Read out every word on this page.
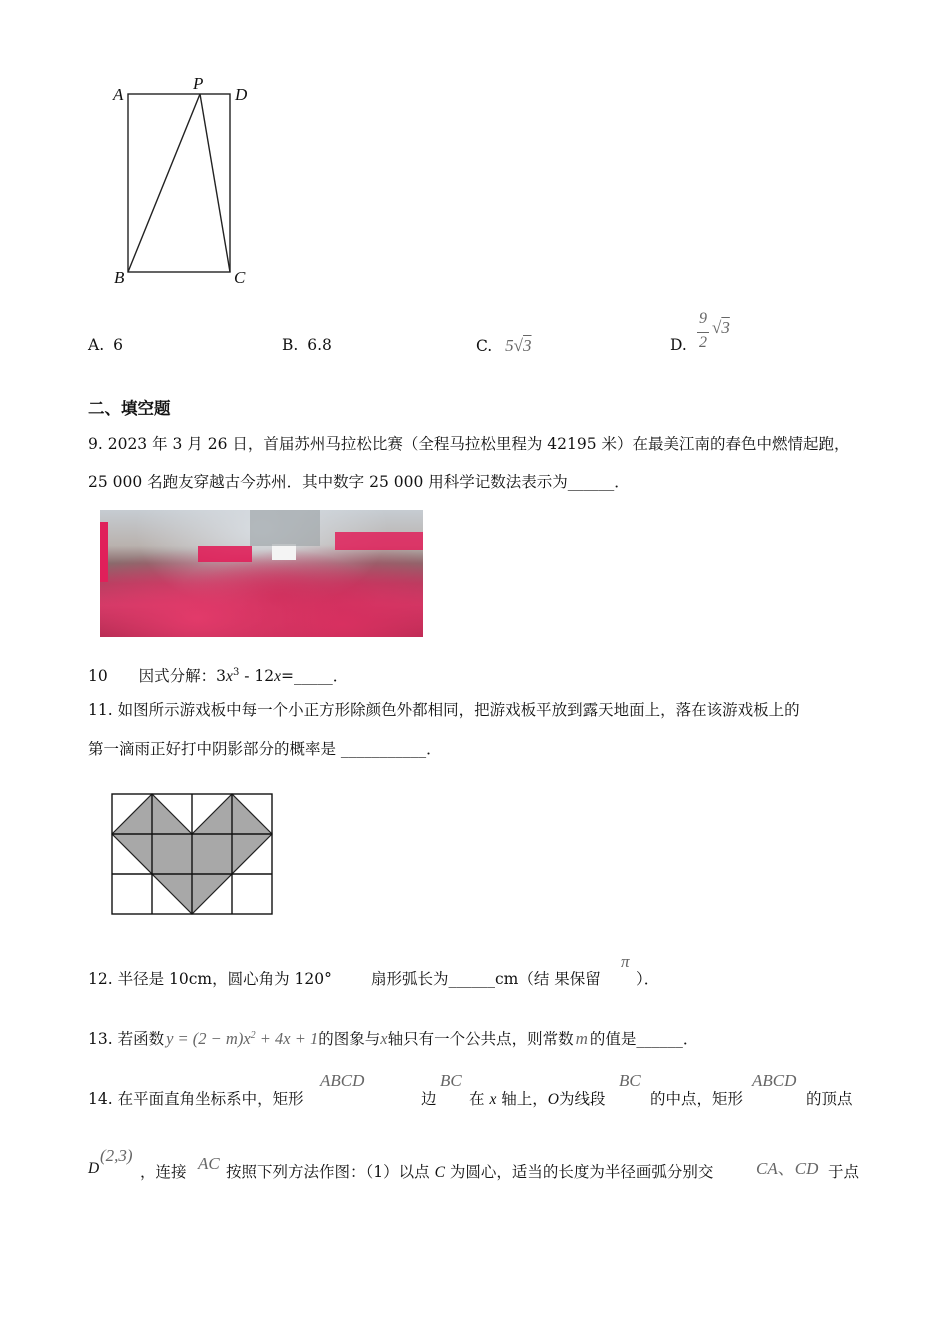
A
P
D
B	C
A. 6	B. 6.8	C. 5√3	D.
9
2
√3
二、填空题
9. 2023 年 3 月 26 日，首届苏州马拉松比赛（全程马拉松里程为 42195 米）在最美江南的春色中燃情起跑，
25 000 名跑友穿越古今苏州．其中数字 25 000 用科学记数法表示为______．
10 因式分解：$3x^3$ - 12x=_____．
11. 如图所示游戏板中每一个小正方形除颜色外都相同，把游戏板平放到露天地面上，落在该游戏板上的
第一滴雨正好打中阴影部分的概率是 ___________．
12. 半径是 10cm，圆心角为 120°	扇形弧长为______cm（结 果保留
π
）．
13. 若函数 $y = (2 - m)x^2 + 4x + 1$的图象与x轴只有一个公共点，则常数 m 的值是______．
14. 在平面直角坐标系中，矩形
ABCD
边
BC
在 x 轴上，O为线段
BC
的中点，矩形
ABCD
的顶点
D
(2,3)
，连接 AC 按照下列方法作图：（1）以点 C 为圆心，适当的长度为半径画弧分别交	CA、CD 于点
